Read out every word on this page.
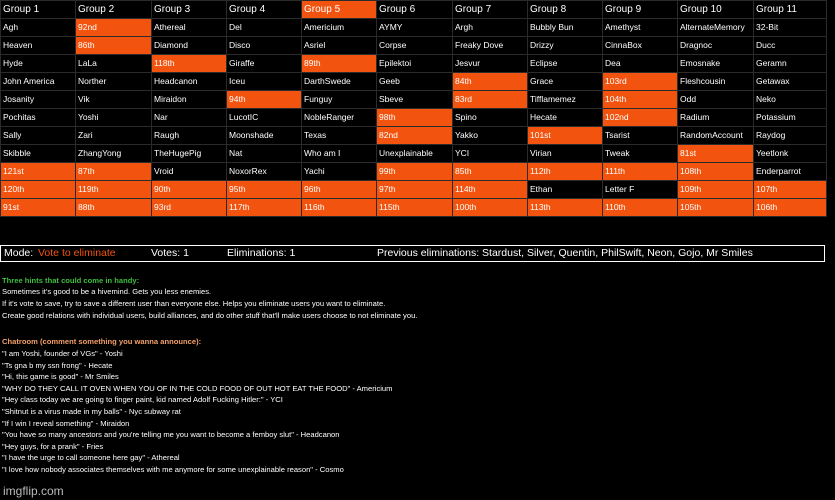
Group 1	Group 2	Group 3	Group 4	Group 5	Group 6	Group 7	Group 8	Group 9	Group 10	Group 11
Agh	92nd	Athereal	Del	Americium	AYMY	Argh	Bubbly Bun	Amethyst	AlternateMemory	32-Bit
Heaven	86th	Diamond	Disco	Asriel	Corpse	Freaky Dove	Drizzy	CinnaBox	Dragnoc	Ducc
Hyde	LaLa	118th	Giraffe	89th	Epilektoi	Jesvur	Eclipse	Dea	Emosnake	Geramn
John America	Norther	Headcanon	Iceu	DarthSwede	Geeb	84th	Grace	103rd	Fleshcousin	Getawax
Josanity	Vik	Miraidon	94th	Funguy	Sbeve	83rd	Tifflamemez	104th	Odd	Neko
Pochitas	Yoshi	Nar	LucotIC	NobleRanger	98th	Spino	Hecate	102nd	Radium	Potassium
Sally	Zari	Raugh	Moonshade	Texas	82nd	Yakko	101st	Tsarist	RandomAccount	Raydog
Skibble	ZhangYong	TheHugePig	Nat	Who am I	Unexplainable	YCI	Virian	Tweak	81st	Yeetlonk
121st	87th	Vroid	NoxorRex	Yachi	99th	85th	112th	111th	108th	Enderparrot
120th	119th	90th	95th	96th	97th	114th	Ethan	Letter F	109th	107th
91st	88th	93rd	117th	116th	115th	100th	113th	110th	105th	106th
Mode: Vote to eliminate	Votes: 1	Eliminations: 1	Previous eliminations: Stardust, Silver, Quentin, PhilSwift, Neon, Gojo, Mr Smiles
Three hints that could come in handy:
Sometimes it's good to be a hivemind. Gets you less enemies.
If it's vote to save, try to save a different user than everyone else. Helps you eliminate users you want to eliminate.
Create good relations with individual users, build alliances, and do other stuff that'll make users choose to not eliminate you.
Chatroom (comment something you wanna announce):
"I am Yoshi, founder of VGs" - Yoshi
"Ts gna b my ssn frong" - Hecate
"Hi, this game is good" - Mr Smiles
"WHY DO THEY CALL IT OVEN WHEN YOU OF IN THE COLD FOOD OF OUT HOT EAT THE FOOD" - Americium
"Hey class today we are going to finger paint, kid named Adolf Fucking Hitler:" - YCI
"Shitnut is a virus made in my balls" - Nyc subway rat
"If I win I reveal something" - Miraidon
"You have so many ancestors and you're telling me you want to become a femboy slut" - Headcanon
"Hey guys, for a prank" - Fries
"I have the urge to call someone here gay" - Athereal
"I love how nobody associates themselves with me anymore for some unexplainable reason" - Cosmo
imgflip.com
